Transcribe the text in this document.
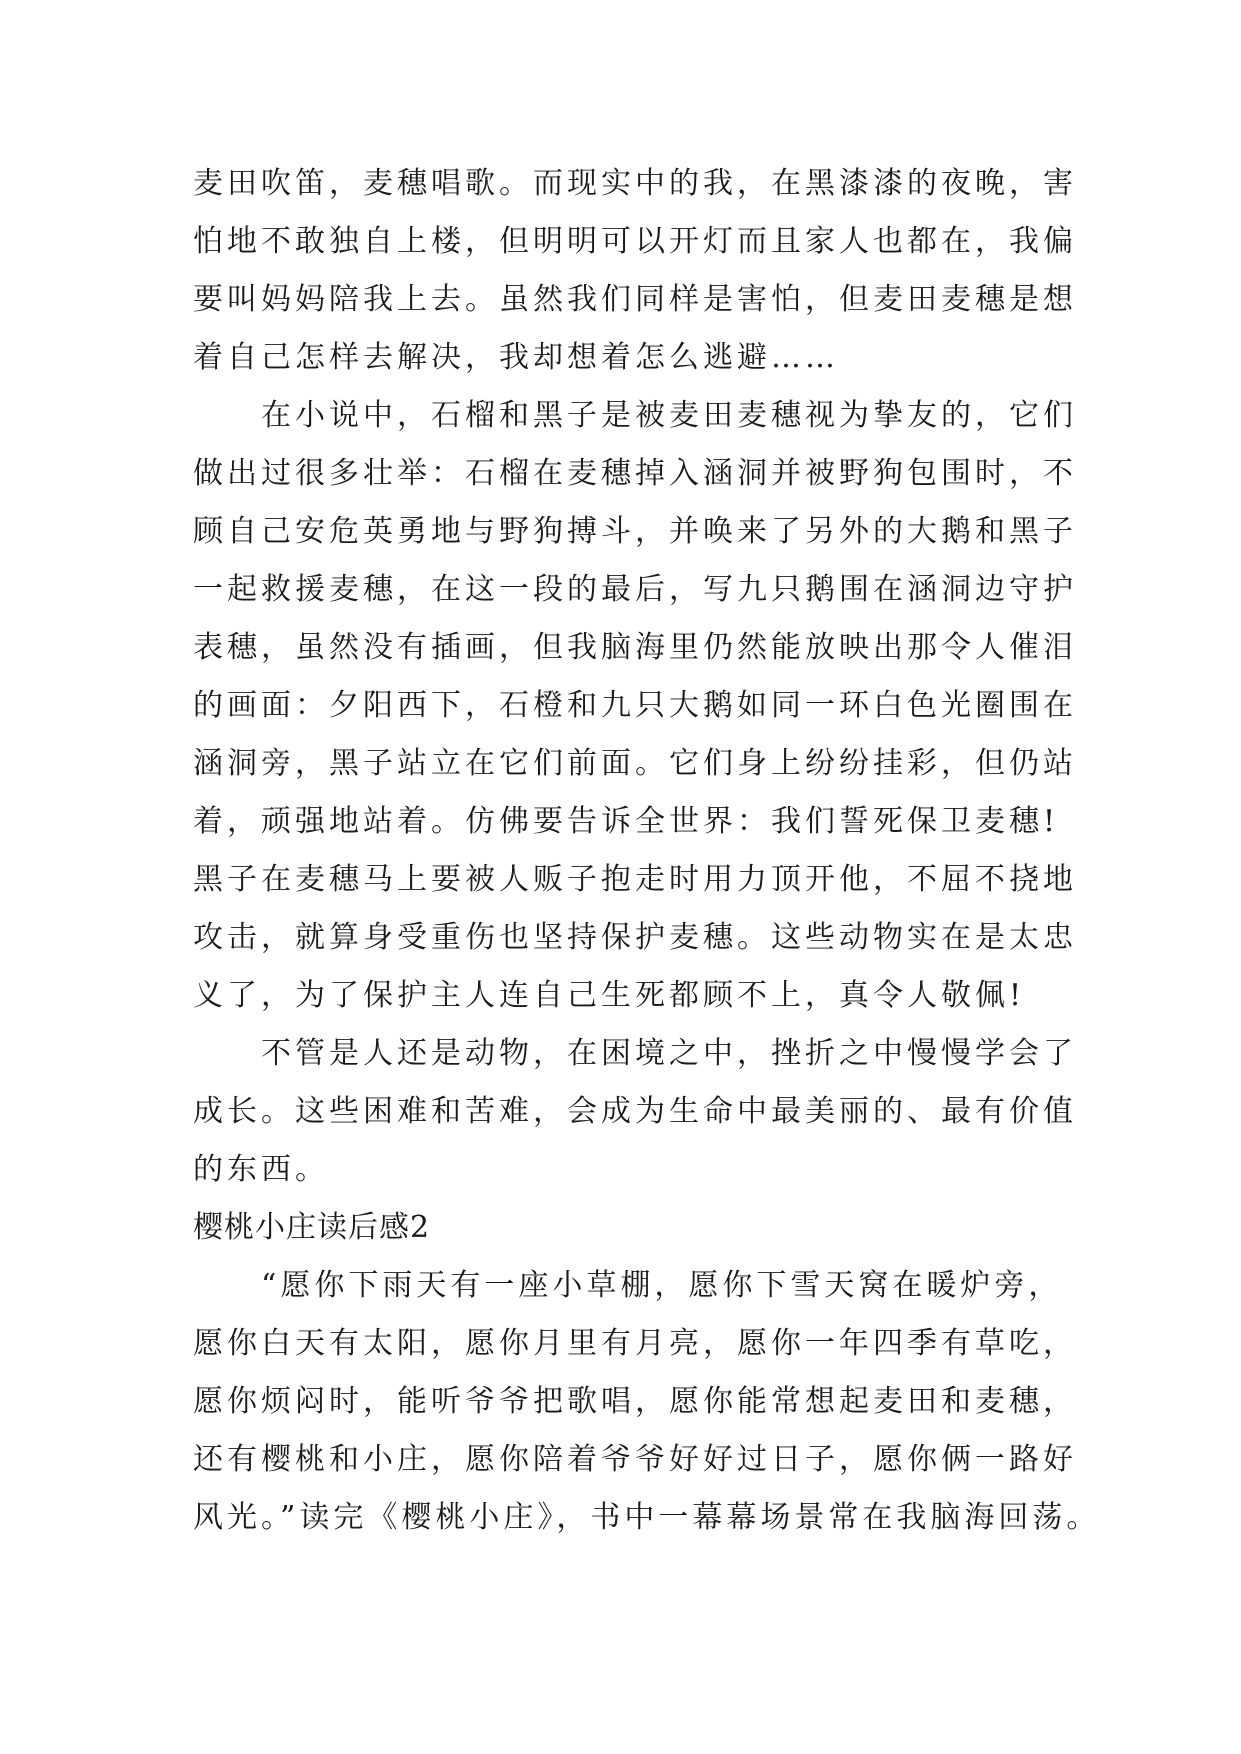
麦田吹笛，麦穗唱歌。而现实中的我，在黑漆漆的夜晚，害
怕地不敢独自上楼，但明明可以开灯而且家人也都在，我偏
要叫妈妈陪我上去。虽然我们同样是害怕，但麦田麦穗是想
着自己怎样去解决，我却想着怎么逃避……
　　在小说中，石榴和黑子是被麦田麦穗视为挚友的，它们
做出过很多壮举：石榴在麦穗掉入涵洞并被野狗包围时，不
顾自己安危英勇地与野狗搏斗，并唤来了另外的大鹅和黑子
一起救援麦穗，在这一段的最后，写九只鹅围在涵洞边守护
表穗，虽然没有插画，但我脑海里仍然能放映出那令人催泪
的画面：夕阳西下，石橙和九只大鹅如同一环白色光圈围在
涵洞旁，黑子站立在它们前面。它们身上纷纷挂彩，但仍站
着，顽强地站着。仿佛要告诉全世界：我们誓死保卫麦穗!
黑子在麦穗马上要被人贩子抱走时用力顶开他，不屈不挠地
攻击，就算身受重伤也坚持保护麦穗。这些动物实在是太忠
义了，为了保护主人连自己生死都顾不上，真令人敬佩!
　　不管是人还是动物，在困境之中，挫折之中慢慢学会了
成长。这些困难和苦难，会成为生命中最美丽的、最有价值
的东西。
樱桃小庄读后感2
　　“愿你下雨天有一座小草棚，愿你下雪天窝在暖炉旁，
愿你白天有太阳，愿你月里有月亮，愿你一年四季有草吃，
愿你烦闷时，能听爷爷把歌唱，愿你能常想起麦田和麦穗，
还有樱桃和小庄，愿你陪着爷爷好好过日子，愿你俩一路好
风光。”读完《樱桃小庄》，书中一幕幕场景常在我脑海回荡。
